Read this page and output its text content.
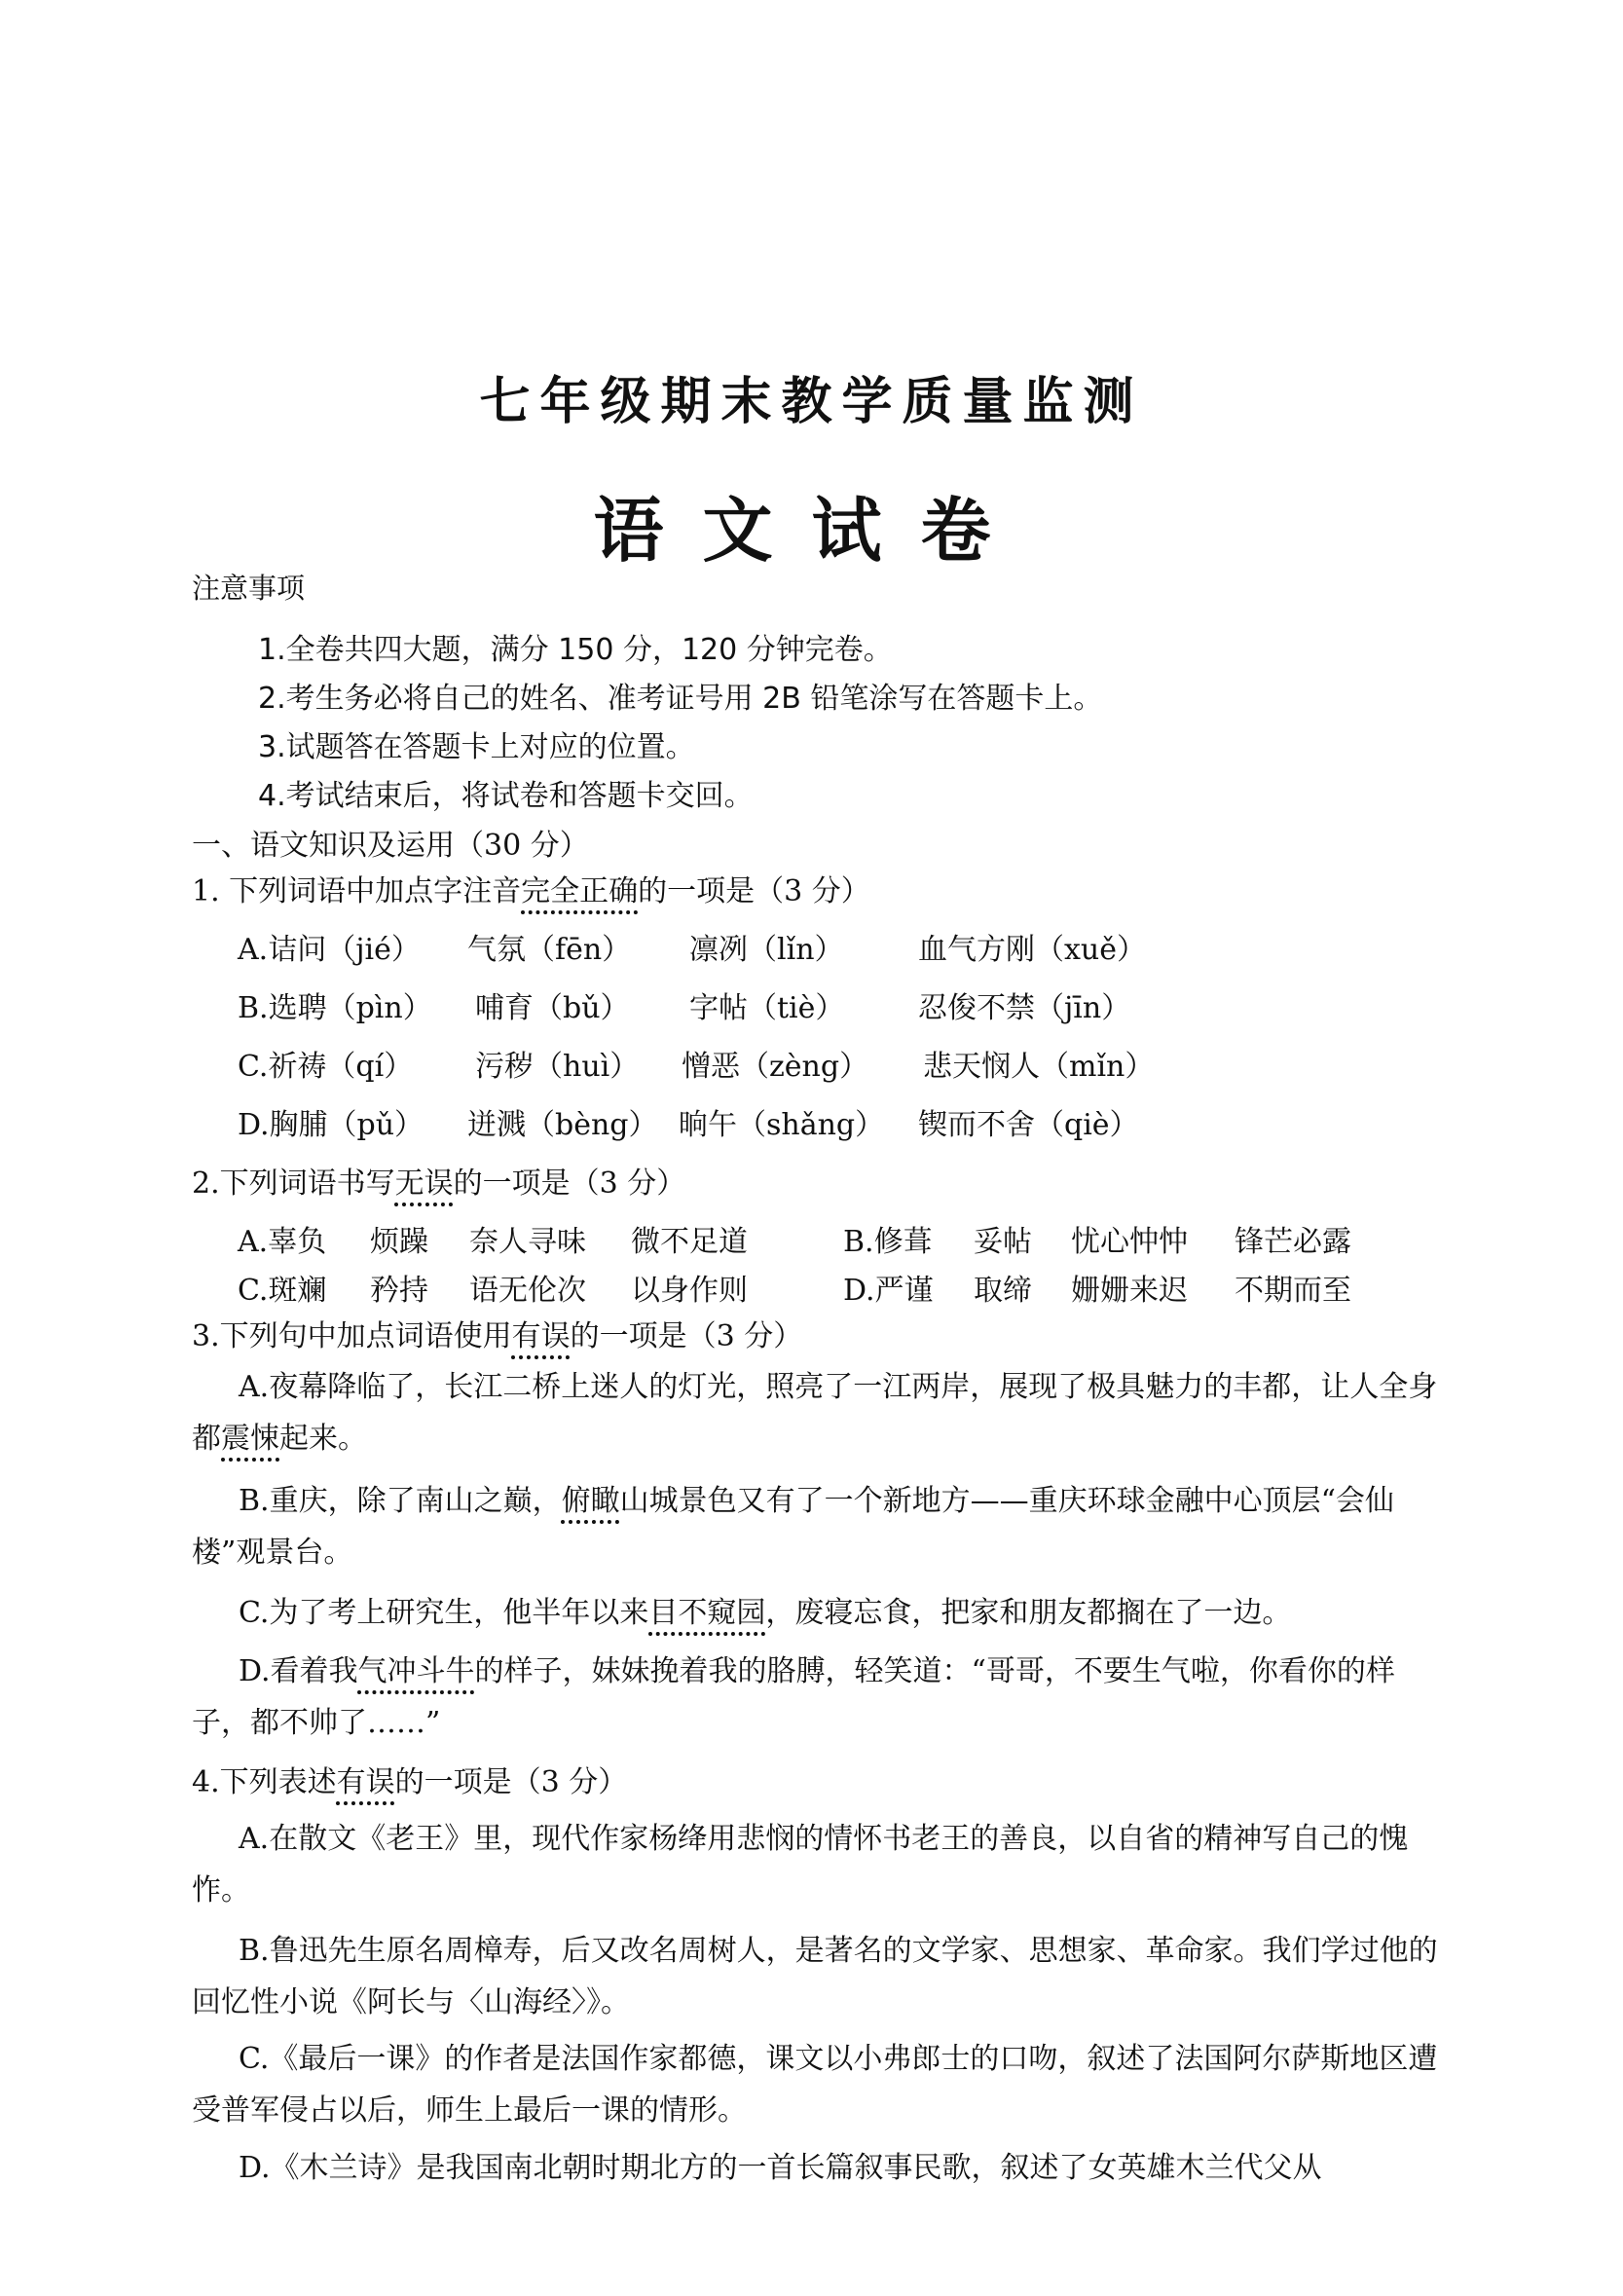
七年级期末教学质量监测
语文试卷
注意事项
1.全卷共四大题，满分 150 分，120 分钟完卷。
2.考生务必将自己的姓名、准考证号用 2B 铅笔涂写在答题卡上。
3.试题答在答题卡上对应的位置。
4.考试结束后，将试卷和答题卡交回。
一、语文知识及运用（30 分）
1. 下列词语中加点字注音完全正确的一项是（3 分）
A.诘问（jié） 气氛（fēn） 凛冽（lǐn）	血气方刚（xuě）
B.选聘（pìn） 哺育（bǔ） 字帖（tiè）	忍俊不禁（jīn）
C.祈祷（qí） 污秽（huì） 憎恶（zèng） 悲天悯人（mǐn）
D.胸脯（pǔ） 迸溅（bèng） 晌午（shǎng） 锲而不舍（qiè）
2.下列词语书写无误的一项是（3 分）
A.辜负 烦躁 奈人寻味 微不足道	B.修葺 妥帖 忧心忡忡 锋芒必露
C.斑斓 矜持 语无伦次 以身作则	D.严谨 取缔 姗姗来迟 不期而至
3.下列句中加点词语使用有误的一项是（3 分）
A.夜幕降临了，长江二桥上迷人的灯光，照亮了一江两岸，展现了极具魅力的丰都，让人全身都震悚起来。
B.重庆，除了南山之巅，俯瞰山城景色又有了一个新地方——重庆环球金融中心顶层“会仙楼”观景台。
C.为了考上研究生，他半年以来目不窥园，废寝忘食，把家和朋友都搁在了一边。
D.看着我气冲斗牛的样子，妹妹挽着我的胳膊，轻笑道：“哥哥，不要生气啦，你看你的样子，都不帅了……”
4.下列表述有误的一项是（3 分）
A.在散文《老王》里，现代作家杨绛用悲悯的情怀书老王的善良，以自省的精神写自己的愧怍。
B.鲁迅先生原名周樟寿，后又改名周树人，是著名的文学家、思想家、革命家。我们学过他的回忆性小说《阿长与〈山海经〉》。
C.《最后一课》的作者是法国作家都德，课文以小弗郎士的口吻，叙述了法国阿尔萨斯地区遭受普军侵占以后，师生上最后一课的情形。
D.《木兰诗》是我国南北朝时期北方的一首长篇叙事民歌，叙述了女英雄木兰代父从
